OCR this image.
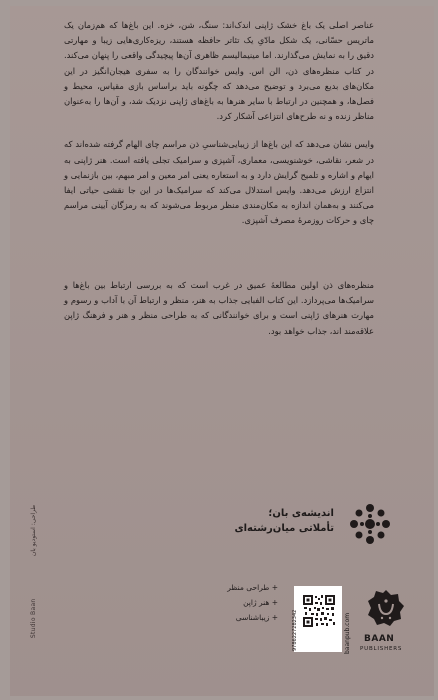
عناصر اصلی یک باغ خشک ژاپنی اندک‌اند: سنگ، شن، خزه. این باغ‌ها که هم‌زمان یک ماتریس حسّانی، یک شکل مادّیِ یک تئاتر حافظه هستند، ریزه‌کاری‌هایی زیبا و مهارتی دقیق را به نمایش می‌گذارند. اما مینیمالیسم ظاهری آن‌ها پیچیدگی واقعی را پنهان می‌کند. در کتاب منظره‌های ذن، الن اس. وایس خوانندگان را به سفری هیجان‌انگیز در این مکان‌های بدیع می‌برد و توضیح می‌دهد که چگونه باید براساس بازی مقیاس، محیط و فصل‌ها، و همچنین در ارتباط با سایر هنرها به باغ‌های ژاپنی نزدیک شد، و آن‌ها را به‌عنوان مناظر زنده و نه طرح‌های انتزاعی آشکار کرد.

وایس نشان می‌دهد که این باغ‌ها از زیبایی‌شناسیِ ذن مراسم چای الهام گرفته شده‌اند که در شعر، نقاشی، خوشنویسی، معماری، آشپزی و سرامیک تجلی یافته است. هنر ژاپنی به ایهام و اشاره و تلمیح گرایش دارد و به استعاره یعنی امر معین و امر مبهم، بین بازنمایی و انتزاع ارزش می‌دهد. وایس استدلال می‌کند که سرامیک‌ها در این جا نقشی حیاتی ایفا می‌کنند و به‌همان اندازه به مکان‌مندی منظر مربوط می‌شوند که به رمزگان آیینی مراسم چای و حرکات روزمرهٔ مصرف آشپزی.

منظره‌های ذن اولین مطالعهٔ عمیق در غرب است که به بررسی ارتباط بین باغ‌ها و سرامیک‌ها می‌پردازد. این کتاب الفبایی جذاب به هنر، منظر و ارتباط آن با آداب و رسوم و مهارت هنرهای ژاپنی است و برای خوانندگانی که به طراحی منظر و هنر و فرهنگ ژاپن علاقه‌مند اند، جذاب خواهد بود.

اندیشه‌ی بان؛
تأملاتی میان‌رشته‌ای
+ طراحی منظر
+ هنر ژاپن
+ زیباشناسی	9786227282342	baanpub.com BAAN
PUBLISHERS
Studio Baan طراحی: استودیو بان
